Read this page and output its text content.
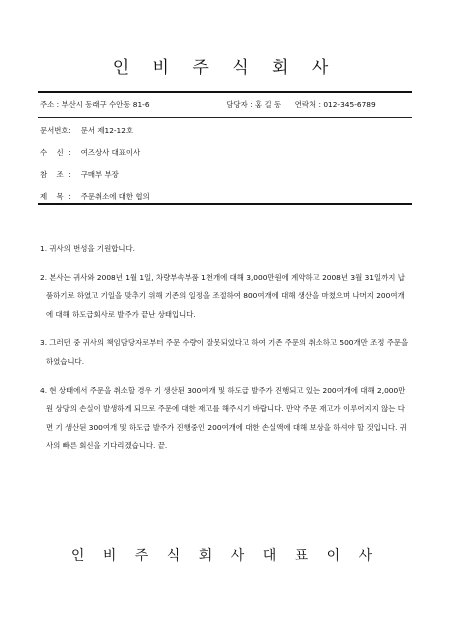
인 비 주 식 회 사
주소 : 부산시 동래구 수안동 81-6	담당자 : 홍 길 동 연락처 : 012-345-6789
문서번호 : 문서 제12-12호
수    신 : 여즈상사 대표이사
참    조 : 구매부 부장
제    목 : 주문취소에 대한 협의

1. 귀사의 번성을 기원합니다.

2. 본사는 귀사와 2008년 1월 1일, 차량부속부품 1천개에 대해 3,000만원에 계약하고 2008년 3월 31일까지 납품하기로 하였고 기일을 맞추기 위해 기존의 일정을 조절하여 800여개에 대해 생산을 마쳤으며 나머지 200여개에 대해 하도급회사로 발주가 끝난 상태입니다.

3. 그러던 중 귀사의 책임담당자로부터 주문 수량이 잘못되었다고 하여 기존 주문의 취소하고 500개만 조정 주문을 하였습니다.

4. 현 상태에서 주문을 취소할 경우 기 생산된 300여개 및 하도급 발주가 진행되고 있는 200여개에 대해 2,000만원 상당의 손실이 발생하게 되므로 주문에 대한 재고를 해주시기 바랍니다. 만약 주문 재고가 이루어지지 않는 다면 기 생산된 300여개 및 하도급 발주가 진행중인 200여개에 대한 손실액에 대해 보상을 하셔야 할 것입니다. 귀사의 빠른 회신을 기다리겠습니다. 끝.

인 비 주 식 회 사 대 표 이 사
